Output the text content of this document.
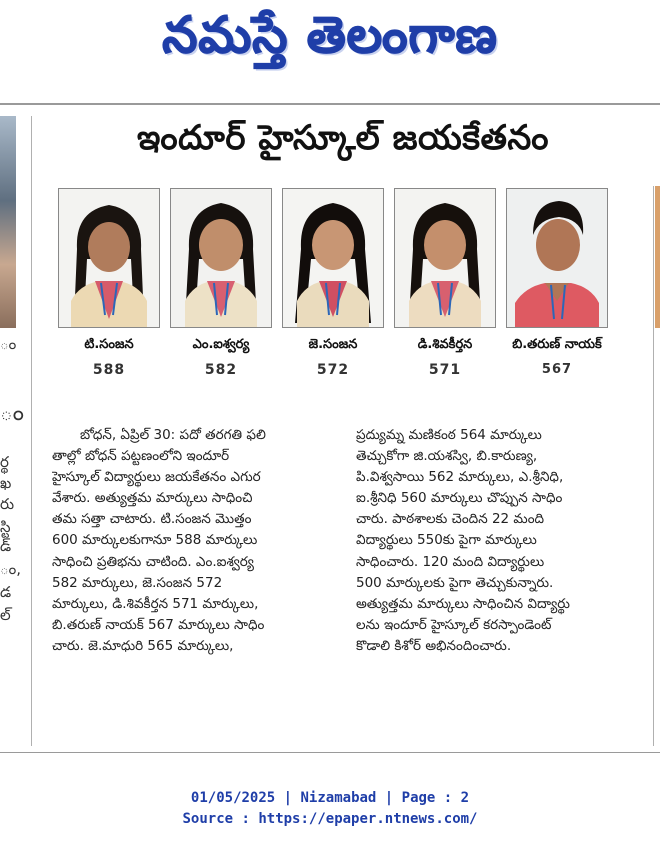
నమస్తే తెలంగాణ
ం
ం
ర్థ
ఖ
రు
స్టి
డ్
ం,
డ
ల్
ఇందూర్ హైస్కూల్ జయకేతనం
టి.సంజన
588
ఎం.ఐశ్వర్య
582
జె.సంజన
572
డి.శివకీర్తన
571
బి.తరుణ్ నాయక్
567
బోధన్, ఏప్రిల్ 30: పదో తరగతి ఫలి
తాల్లో బోధన్ పట్టణంలోని ఇందూర్
హైస్కూల్ విద్యార్థులు జయకేతనం ఎగుర
వేశారు. అత్యుత్తమ మార్కులు సాధించి
తమ సత్తా చాటారు. టి.సంజన మొత్తం
600 మార్కులకుగానూ 588 మార్కులు
సాధించి ప్రతిభను చాటింది. ఎం.ఐశ్వర్య
582 మార్కులు, జె.సంజన 572
మార్కులు, డి.శివకీర్తన 571 మార్కులు,
బి.తరుణ్ నాయక్ 567 మార్కులు సాధిం
చారు. జె.మాధురి 565 మార్కులు,
ప్రద్యుమ్న మణికంఠ 564 మార్కులు
తెచ్చుకోగా జి.యశస్వి, బి.కారుణ్య,
పి.విశ్వసాయి 562 మార్కులు, ఎ.శ్రీనిధి,
ఐ.శ్రీనిధి 560 మార్కులు చొప్పున సాధిం
చారు. పాఠశాలకు చెందిన 22 మంది
విద్యార్థులు 550కు పైగా మార్కులు
సాధించారు. 120 మంది విద్యార్థులు
500 మార్కులకు పైగా తెచ్చుకున్నారు.
అత్యుత్తమ మార్కులు సాధించిన విద్యార్థు
లను ఇందూర్ హైస్కూల్ కరస్పాండెంట్
కొడాలి కిశోర్ అభినందించారు.
01/05/2025 | Nizamabad | Page : 2
Source : https://epaper.ntnews.com/
